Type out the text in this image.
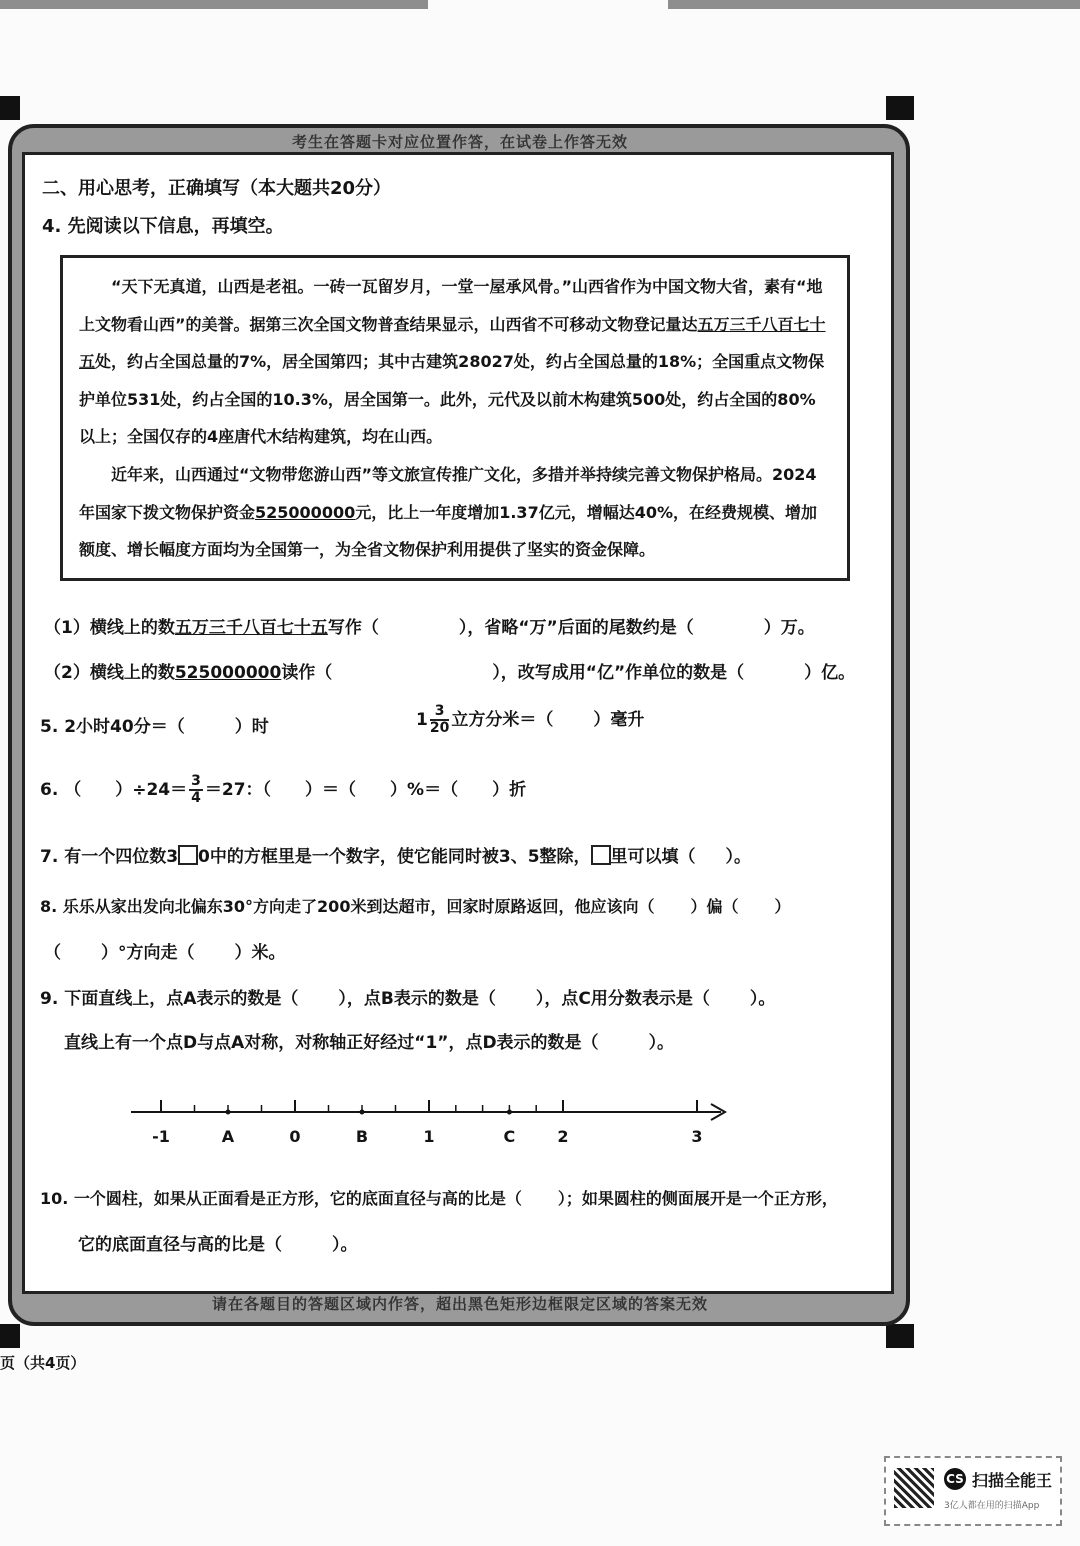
考生在答题卡对应位置作答，在试卷上作答无效
请在各题目的答题区域内作答，超出黑色矩形边框限定区域的答案无效
二、用心思考，正确填写（本大题共20分）
4. 先阅读以下信息，再填空。
“天下无真道，山西是老祖。一砖一瓦留岁月，一堂一屋承风骨。”山西省作为中国文物大省，素有“地上文物看山西”的美誉。据第三次全国文物普查结果显示，山西省不可移动文物登记量达五万三千八百七十五处，约占全国总量的7%，居全国第四；其中古建筑28027处，约占全国总量的18%；全国重点文物保护单位531处，约占全国的10.3%，居全国第一。此外，元代及以前木构建筑500处，约占全国的80%以上；全国仅存的4座唐代木结构建筑，均在山西。
近年来，山西通过“文物带您游山西”等文旅宣传推广文化，多措并举持续完善文物保护格局。2024年国家下拨文物保护资金525000000元，比上一年度增加1.37亿元，增幅达40%，在经费规模、增加额度、增长幅度方面均为全国第一，为全省文物保护利用提供了坚实的资金保障。
（1）横线上的数五万三千八百七十五写作（	），省略“万”后面的尾数约是（	）万。
（2）横线上的数525000000读作（	），改写成用“亿”作单位的数是（	）亿。
5. 2小时40分＝（	）时	$1 \frac{3}{20}$ 立方分米＝（ ）毫升
6. （ ）$\div 24= \frac{3}{4} =27$：（ ）＝（ ）%＝（ ）折
7. 有一个四位数3 0中的方框里是一个数字，使它能同时被3、5整除， 里可以填（ ）。
8. 乐乐从家出发向北偏东30°方向走了200米到达超市，回家时原路返回，他应该向（ ）偏（ ）
（ ）°方向走（ ）米。
9. 下面直线上，点A表示的数是（ ），点B表示的数是（ ），点C用分数表示是（ ）。
直线上有一个点D与点A对称，对称轴正好经过“1”，点D表示的数是（	）。
-1	A	0	B	1	C	2	3
10. 一个圆柱，如果从正面看是正方形，它的底面直径与高的比是（ ）；如果圆柱的侧面展开是一个正方形，
它的底面直径与高的比是（	）。
页（共4页）
CS 扫描全能王
3亿人都在用的扫描App
